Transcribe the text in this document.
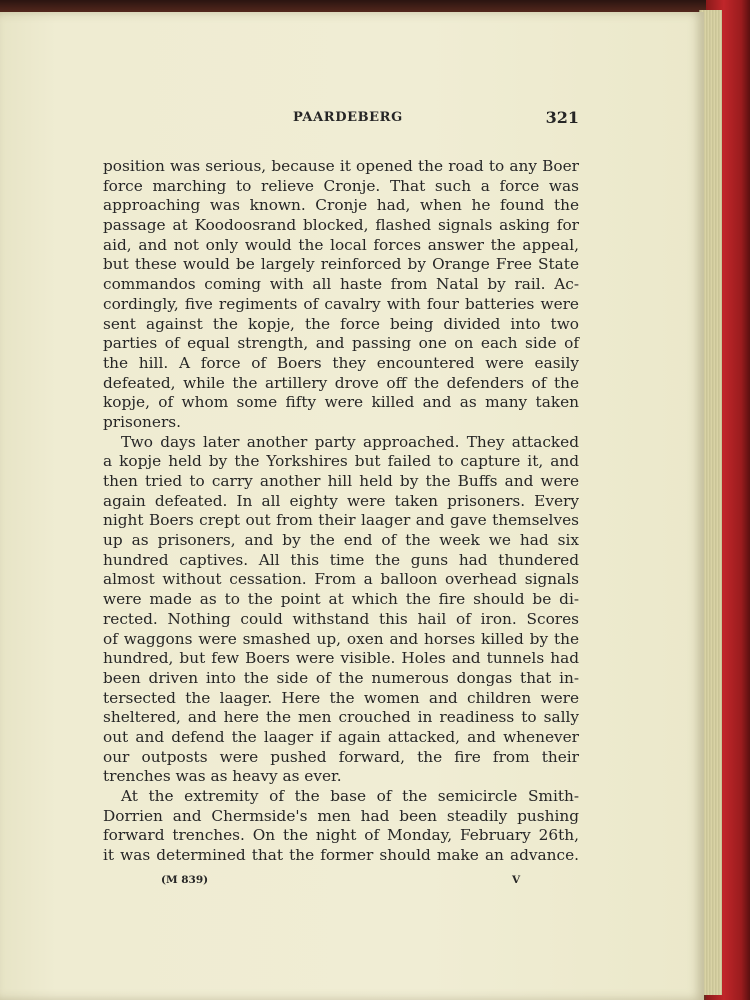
PAARDEBERG	321
position was serious, because it opened the road to any Boer
force marching to relieve Cronje. That such a force was
approaching was known. Cronje had, when he found the
passage at Koodoosrand blocked, flashed signals asking for
aid, and not only would the local forces answer the appeal,
but these would be largely reinforced by Orange Free State
commandos coming with all haste from Natal by rail. Ac-
cordingly, five regiments of cavalry with four batteries were
sent against the kopje, the force being divided into two
parties of equal strength, and passing one on each side of
the hill. A force of Boers they encountered were easily
defeated, while the artillery drove off the defenders of the
kopje, of whom some fifty were killed and as many taken
prisoners.
Two days later another party approached. They attacked
a kopje held by the Yorkshires but failed to capture it, and
then tried to carry another hill held by the Buffs and were
again defeated. In all eighty were taken prisoners. Every
night Boers crept out from their laager and gave themselves
up as prisoners, and by the end of the week we had six
hundred captives. All this time the guns had thundered
almost without cessation. From a balloon overhead signals
were made as to the point at which the fire should be di-
rected. Nothing could withstand this hail of iron. Scores
of waggons were smashed up, oxen and horses killed by the
hundred, but few Boers were visible. Holes and tunnels had
been driven into the side of the numerous dongas that in-
tersected the laager. Here the women and children were
sheltered, and here the men crouched in readiness to sally
out and defend the laager if again attacked, and whenever
our outposts were pushed forward, the fire from their
trenches was as heavy as ever.
At the extremity of the base of the semicircle Smith-
Dorrien and Chermside's men had been steadily pushing
forward trenches. On the night of Monday, February 26th,
it was determined that the former should make an advance.
(M 839)	V
